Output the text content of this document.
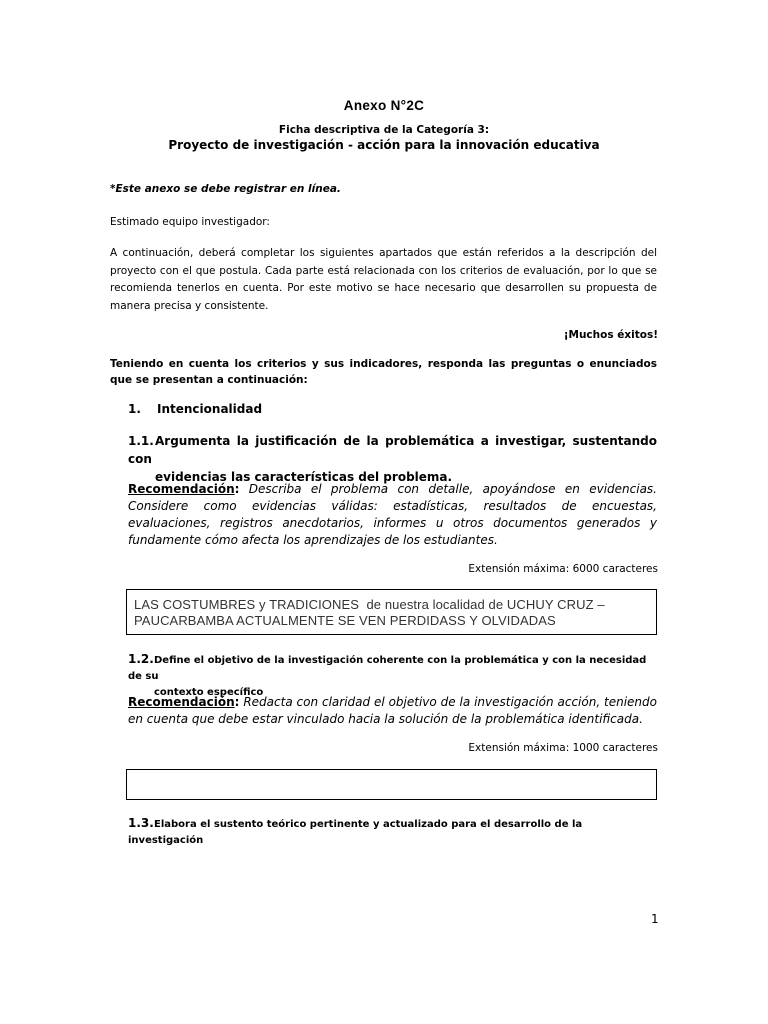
Anexo N°2C
Ficha descriptiva de la Categoría 3:
Proyecto de investigación - acción para la innovación educativa
*Este anexo se debe registrar en línea.
Estimado equipo investigador:
A continuación, deberá completar los siguientes apartados que están referidos a la descripción del proyecto con el que postula. Cada parte está relacionada con los criterios de evaluación, por lo que se recomienda tenerlos en cuenta. Por este motivo se hace necesario que desarrollen su propuesta de manera precisa y consistente.
¡Muchos éxitos!
Teniendo en cuenta los criterios y sus indicadores, responda las preguntas o enunciados que se presentan a continuación:
1. Intencionalidad
1.1.Argumenta la justificación de la problemática a investigar, sustentando con
evidencias las características del problema.
Recomendación: Describa el problema con detalle, apoyándose en evidencias. Considere como evidencias válidas: estadísticas, resultados de encuestas, evaluaciones, registros anecdotarios, informes u otros documentos generados y fundamente cómo afecta los aprendizajes de los estudiantes.
Extensión máxima: 6000 caracteres
LAS COSTUMBRES y TRADICIONES  de nuestra localidad de UCHUY CRUZ –
PAUCARBAMBA ACTUALMENTE SE VEN PERDIDASS Y OLVIDADAS
1.2.Define el objetivo de la investigación coherente con la problemática y con la necesidad de su
contexto específico
Recomendación: Redacta con claridad el objetivo de la investigación acción, teniendo en cuenta que debe estar vinculado hacia la solución de la problemática identificada.
Extensión máxima: 1000 caracteres
1.3.Elabora el sustento teórico pertinente y actualizado para el desarrollo de la investigación
1
